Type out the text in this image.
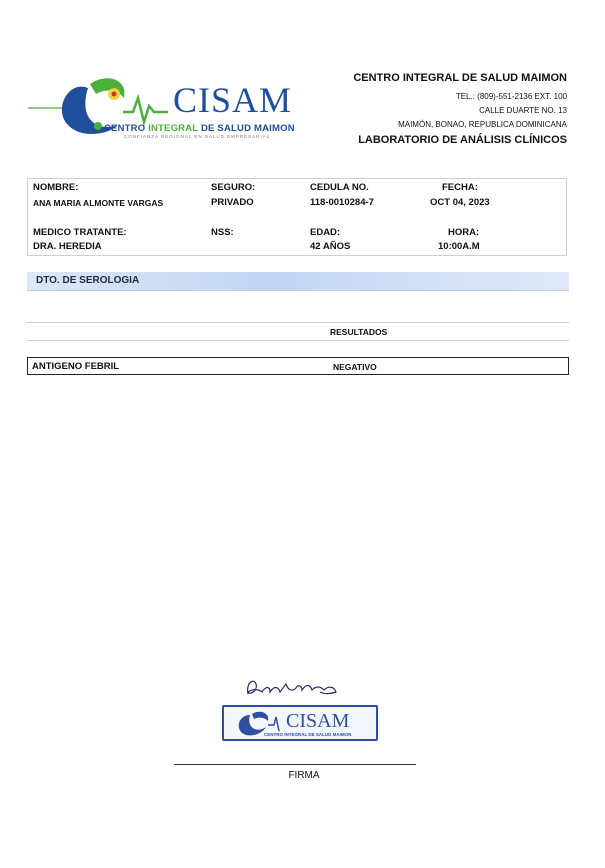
CISAM
CENTRO INTEGRAL DE SALUD MAIMON
CONFIANZA REGIONAL EN SALUD EMPRESARIAL
CENTRO INTEGRAL DE SALUD MAIMON
TEL.: (809)-551-2136 EXT. 100
CALLE DUARTE NO. 13
MAIMÓN, BONAO, REPUBLICA DOMINICANA
LABORATORIO DE ANÁLISIS CLÍNICOS
NOMBRE:
ANA MARIA ALMONTE VARGAS
SEGURO:
PRIVADO
CEDULA NO.
118-0010284-7
FECHA:
OCT 04, 2023
MEDICO TRATANTE:
DRA. HEREDIA
NSS:	EDAD:
42 AÑOS
HORA:
10:00A.M
DTO. DE SEROLOGIA
RESULTADOS
ANTIGENO FEBRIL	NEGATIVO
CISAM
CENTRO INTEGRAL DE SALUD MAIMON
FIRMA
